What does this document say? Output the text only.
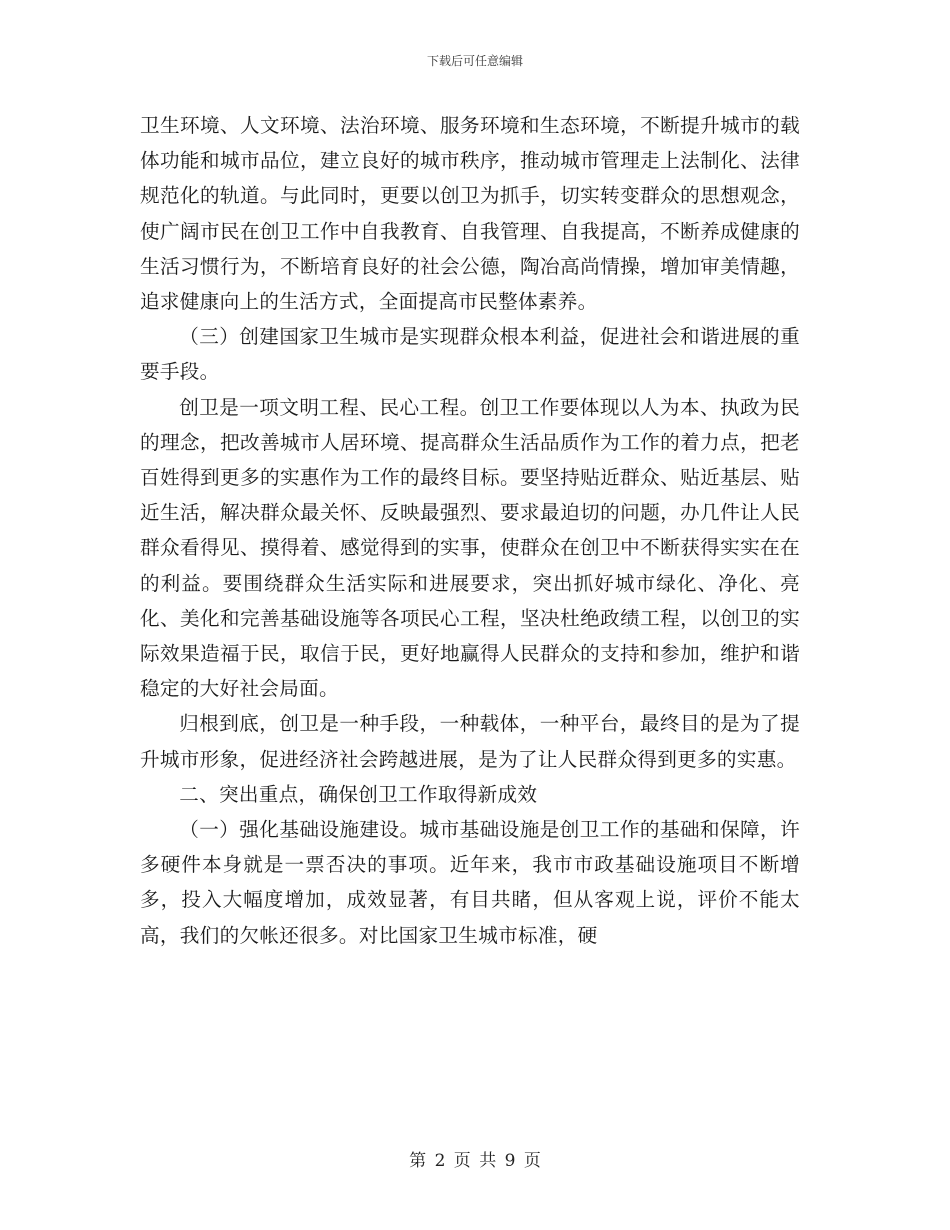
下载后可任意编辑

卫生环境、人文环境、法治环境、服务环境和生态环境，不断提升城市的载体功能和城市品位，建立良好的城市秩序，推动城市管理走上法制化、法律规范化的轨道。与此同时，更要以创卫为抓手，切实转变群众的思想观念，使广阔市民在创卫工作中自我教育、自我管理、自我提高，不断养成健康的生活习惯行为，不断培育良好的社会公德，陶冶高尚情操，增加审美情趣，追求健康向上的生活方式，全面提高市民整体素养。

（三）创建国家卫生城市是实现群众根本利益，促进社会和谐进展的重要手段。

创卫是一项文明工程、民心工程。创卫工作要体现以人为本、执政为民的理念，把改善城市人居环境、提高群众生活品质作为工作的着力点，把老百姓得到更多的实惠作为工作的最终目标。要坚持贴近群众、贴近基层、贴近生活，解决群众最关怀、反映最强烈、要求最迫切的问题，办几件让人民群众看得见、摸得着、感觉得到的实事，使群众在创卫中不断获得实实在在的利益。要围绕群众生活实际和进展要求，突出抓好城市绿化、净化、亮化、美化和完善基础设施等各项民心工程，坚决杜绝政绩工程，以创卫的实际效果造福于民，取信于民，更好地赢得人民群众的支持和参加，维护和谐稳定的大好社会局面。

归根到底，创卫是一种手段，一种载体，一种平台，最终目的是为了提升城市形象，促进经济社会跨越进展，是为了让人民群众得到更多的实惠。

二、突出重点，确保创卫工作取得新成效

（一）强化基础设施建设。城市基础设施是创卫工作的基础和保障，许多硬件本身就是一票否决的事项。近年来，我市市政基础设施项目不断增多，投入大幅度增加，成效显著，有目共睹，但从客观上说，评价不能太高，我们的欠帐还很多。对比国家卫生城市标准，硬

第 2 页 共 9 页
